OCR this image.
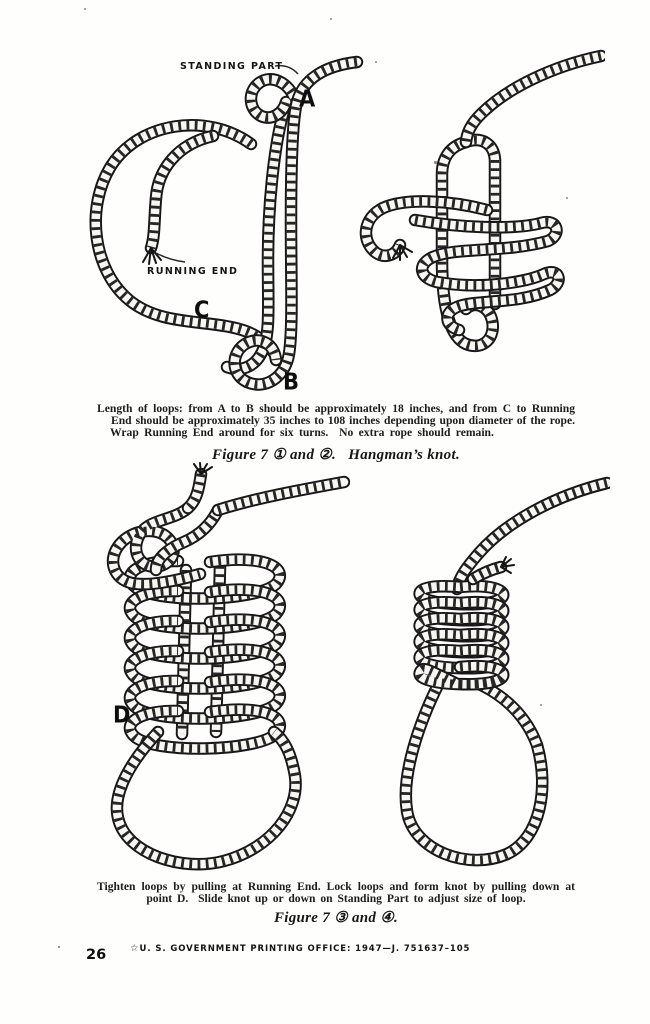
STANDING PART
RUNNING END
A
B
C
D
Length of loops: from A to B should be approximately 18 inches, and from C to Running
End should be approximately 35 inches to 108 inches depending upon diameter of the rope.
Wrap Running End around for six turns.  No extra rope should remain.
Figure 7 ① and ②.   Hangman’s knot.
Tighten loops by pulling at Running End. Lock loops and form knot by pulling down at
point D.  Slide knot up or down on Standing Part to adjust size of loop.
Figure 7 ③ and ④.
☆U. S. GOVERNMENT PRINTING OFFICE: 1947—J. 751637–105
26
